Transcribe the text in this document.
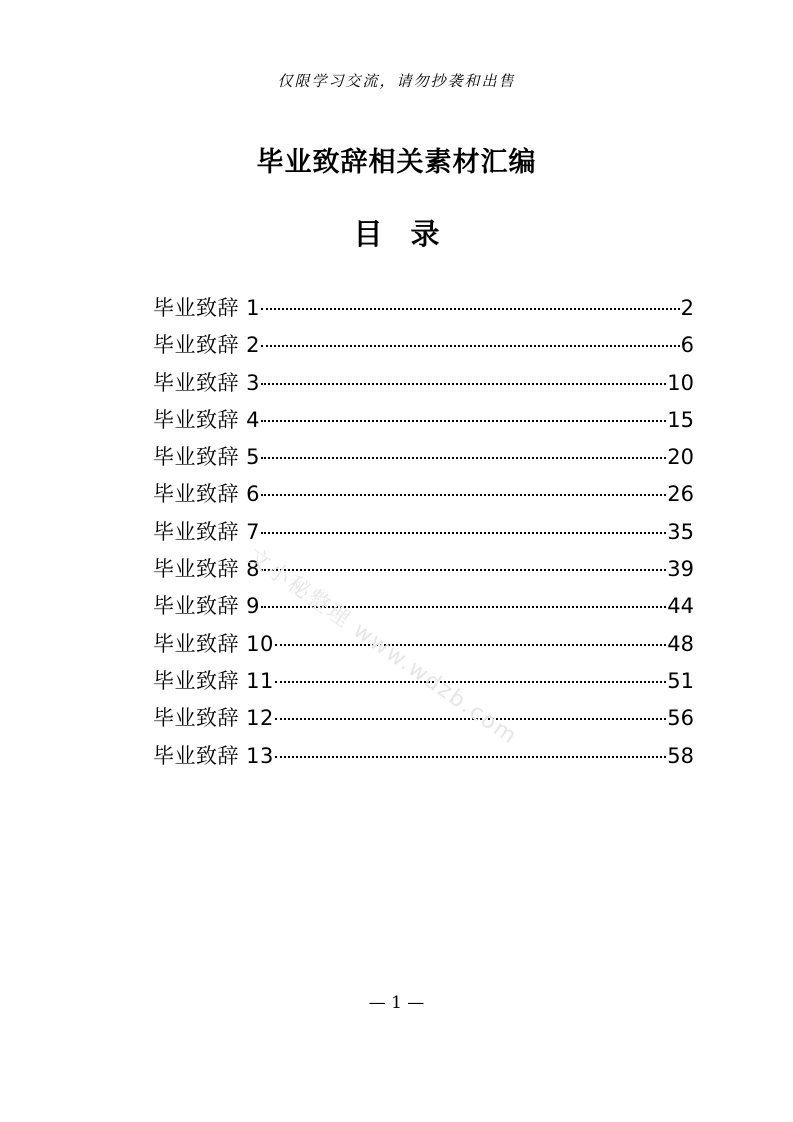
仅限学习交流，请勿抄袭和出售
毕业致辞相关素材汇编
目录
毕业致辞 1	2
毕业致辞 2	6
毕业致辞 3	10
毕业致辞 4	15
毕业致辞 5	20
毕业致辞 6	26
毕业致辞 7	35
毕业致辞 8	39
毕业致辞 9	44
毕业致辞 10	48
毕业致辞 11	51
毕业致辞 12	56
毕业致辞 13	58
文小秘整理 www.wdzb.com
— 1 —
